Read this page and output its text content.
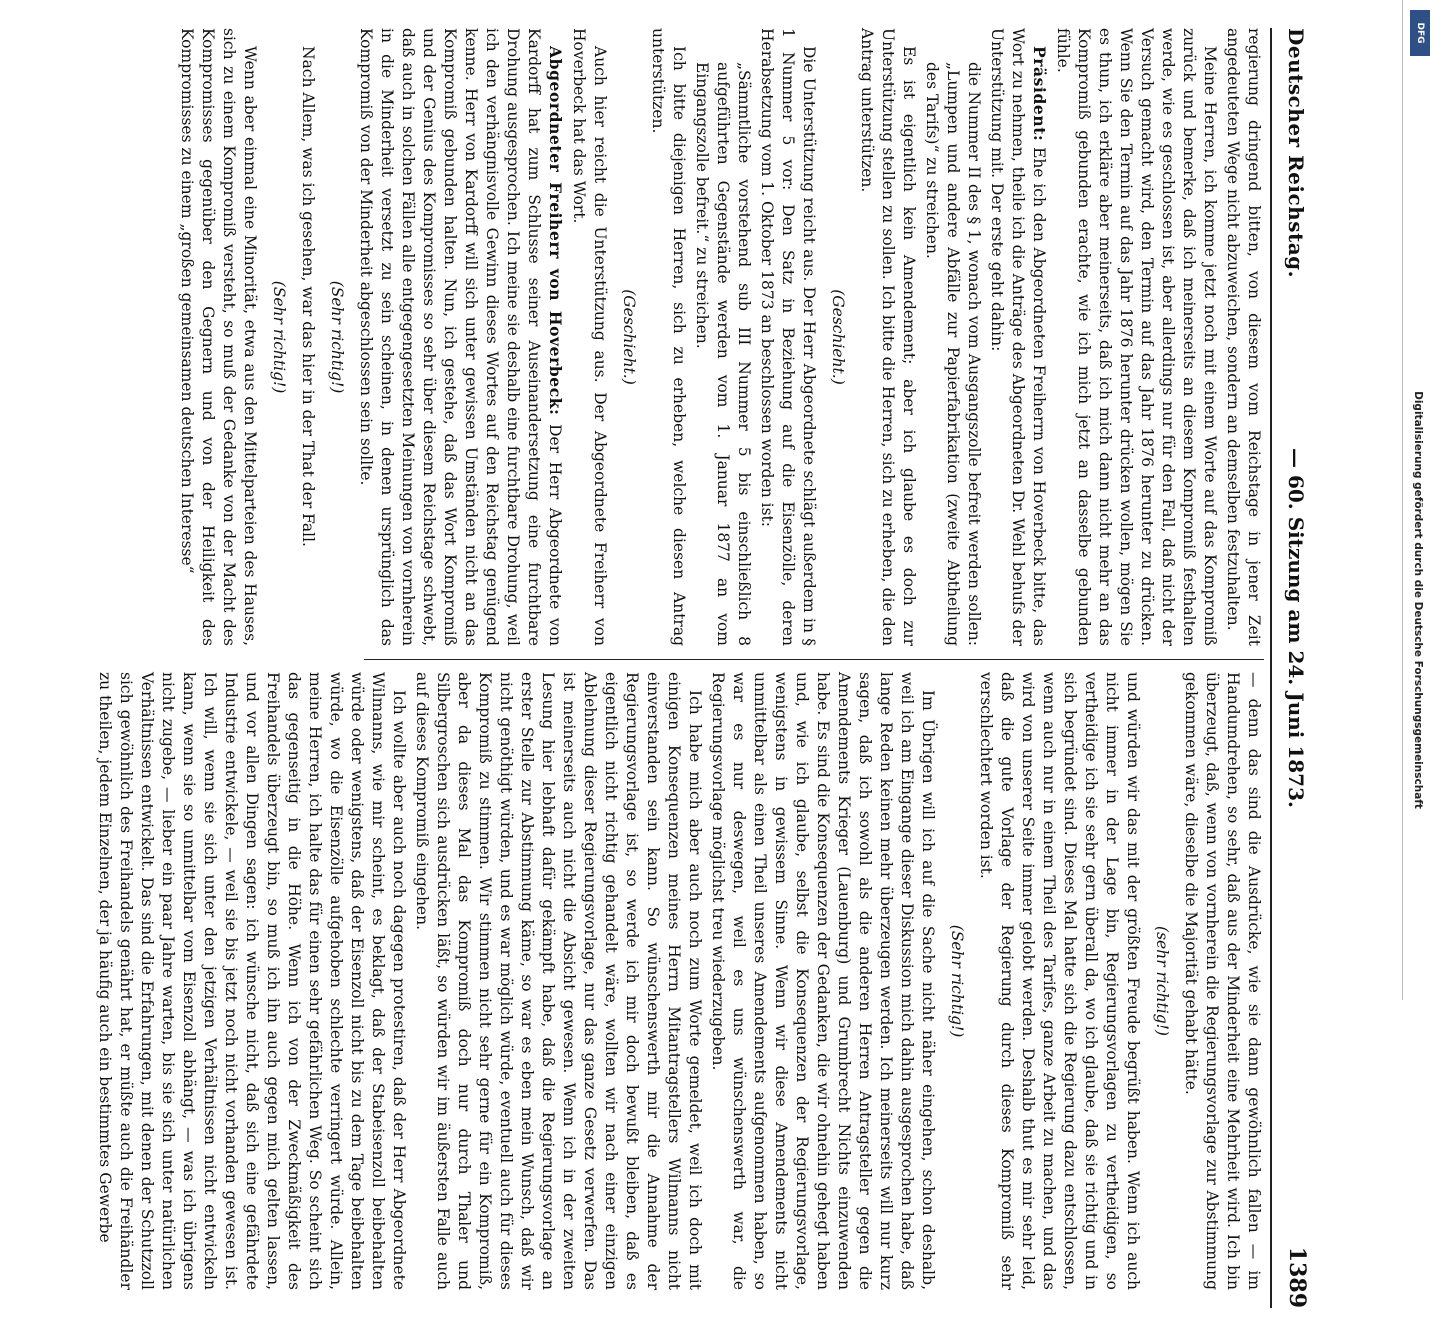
Deutscher Reichstag.
— 60. Sitzung am 24. Juni 1873.
1389

regierung dringend bitten, von diesem vom Reichstage in jener Zeit angedeuteten Wege nicht abzuweichen, sondern an demselben festzuhalten.

Meine Herren, ich komme jetzt noch mit einem Worte auf das Kompromiß zurück und bemerke, daß ich meinerseits an diesem Kompromiß festhalten werde, wie es geschlossen ist, aber allerdings nur für den Fall, daß nicht der Versuch gemacht wird, den Termin auf das Jahr 1876 herunter zu drücken. Wenn Sie den Termin auf das Jahr 1876 herunter drücken wollen, mögen Sie es thun, ich erkläre aber meinerseits, daß ich mich dann nicht mehr an das Kompromiß gebunden erachte, wie ich mich jetzt an dasselbe gebunden fühle.

Präsident: Ehe ich den Abgeordneten Freiherrn von Hoverbeck bitte, das Wort zu nehmen, theile ich die Anträge des Abgeordneten Dr. Wehl behufs der Unterstützung mit. Der erste geht dahin:

die Nummer II des § 1, wonach vom Ausgangszolle befreit werden sollen: „Lumpen und andere Abfälle zur Papierfabrikation (zweite Abtheilung des Tarifs)“ zu streichen.

Es ist eigentlich kein Amendement; aber ich glaube es doch zur Unterstützung stellen zu sollen. Ich bitte die Herren, sich zu erheben, die den Antrag unterstützen.

(Geschieht.)

Die Unterstützung reicht aus. Der Herr Abgeordnete schlägt außerdem in § 1 Nummer 5 vor: Den Satz in Beziehung auf die Eisenzölle, deren Herabsetzung vom 1. Oktober 1873 an beschlossen worden ist:

„Sämmtliche vorstehend sub III Nummer 5 bis einschließlich 8 aufgeführten Gegenstände werden vom 1. Januar 1877 an vom Eingangszolle befreit.“ zu streichen.

Ich bitte diejenigen Herren, sich zu erheben, welche diesen Antrag unterstützen.

(Geschieht.)

Auch hier reicht die Unterstützung aus. Der Abgeordnete Freiherr von Hoverbeck hat das Wort.

Abgeordneter Freiherr von Hoverbeck: Der Herr Abgeordnete von Kardorff hat zum Schlusse seiner Auseinandersetzung eine furchtbare Drohung ausgesprochen. Ich meine sie deshalb eine furchtbare Drohung, weil ich den verhängnisvolle Gewinn dieses Wortes auf den Reichstag genügend kenne. Herr von Kardorff will sich unter gewissen Umständen nicht an das Kompromiß gebunden halten. Nun, ich gestehe, daß das Wort Kompromiß und der Genius des Kompromisses so sehr über diesem Reichstage schwebt, daß auch in solchen Fällen alle entgegengesetzten Meinungen von vornherein in die Minderheit versetzt zu sein scheinen, in denen ursprünglich das Kompromiß von der Minderheit abgeschlossen sein sollte.

(Sehr richtig!)

Nach Allem, was ich gesehen, war das hier in der That der Fall.

(Sehr richtig!)

Wenn aber einmal eine Minorität, etwa aus den Mittelparteien des Hauses, sich zu einem Kompromiß versteht, so muß der Gedanke von der Macht des Kompromisses gegenüber den Gegnern und von der Heiligkeit des Kompromisses zu einem „großen gemeinsamen deutschen Interesse“

— denn das sind die Ausdrücke, wie sie dann gewöhnlich fallen — im Handumdrehen, so sehr, daß aus der Minderheit eine Mehrheit wird. Ich bin überzeugt, daß, wenn von vornherein die Regierungsvorlage zur Abstimmung gekommen wäre, dieselbe die Majorität gehabt hätte.

(sehr richtig!)

und würden wir das mit der größten Freude begrüßt haben. Wenn ich auch nicht immer in der Lage bin, Regierungsvorlagen zu vertheidigen, so vertheidige ich sie sehr gern überall da, wo ich glaube, daß sie richtig und in sich begründet sind. Dieses Mal hatte sich die Regierung dazu entschlossen, wenn auch nur in einem Theil des Tarifes, ganze Arbeit zu machen, und das wird von unserer Seite immer gelobt werden. Deshalb thut es mir sehr leid, daß die gute Vorlage der Regierung durch dieses Kompromiß sehr verschlechtert worden ist.

(Sehr richtig!)

Im Übrigen will ich auf die Sache nicht näher eingehen, schon deshalb, weil ich am Eingange dieser Diskussion mich dahin ausgesprochen habe, daß lange Reden keinen mehr überzeugen werden. Ich meinerseits will nur kurz sagen, daß ich sowohl als die anderen Herren Antragsteller gegen die Amendements Krieger (Lauenburg) und Grumbrecht Nichts einzuwenden habe. Es sind die Konsequenzen der Gedanken, die wir ohnehin gehegt haben und, wie ich glaube, selbst die Konsequenzen der Regierungsvorlage, wenigstens in gewissem Sinne. Wenn wir diese Amendements nicht unmittelbar als einen Theil unseres Amendements aufgenommen haben, so war es nur deswegen, weil es uns wünschenswerth war, die Regierungsvorlage möglichst treu wiederzugeben.

Ich habe mich aber auch noch zum Worte gemeldet, weil ich doch mit einigen Konsequenzen meines Herrn Mitantragstellers Wilmanns nicht einverstanden sein kann. So wünschenswerth mir die Annahme der Regierungsvorlage ist, so werde ich mir doch bewußt bleiben, daß es eigentlich nicht richtig gehandelt wäre, wollten wir nach einer einzigen Ablehnung dieser Regierungsvorlage, nur das ganze Gesetz verwerfen. Das ist meinerseits auch nicht die Absicht gewesen. Wenn ich in der zweiten Lesung hier lebhaft dafür gekämpft habe, daß die Regierungsvorlage an erster Stelle zur Abstimmung käme, so war es eben mein Wunsch, daß wir nicht genöthigt würden, und es war möglich würde, eventuell auch für dieses Kompromiß zu stimmen. Wir stimmen nicht sehr gerne für ein Kompromiß, aber da dieses Mal das Kompromiß doch nur durch Thaler und Silbergroschen sich ausdrücken läßt, so würden wir im äußersten Falle auch auf dieses Kompromiß eingehen.

Ich wollte aber auch noch dagegen protestiren, daß der Herr Abgeordnete Wilmanns, wie mir scheint, es beklagt, daß der Stabeisenzoll beibehalten würde oder wenigstens, daß der Eisenzoll nicht bis zu dem Tage beibehalten würde, wo die Eisenzölle aufgehoben schlechte verringert würde. Allein, meine Herren, ich halte das für einen sehr gefährlichen Weg. So scheint sich das gegenseitig in die Höhe. Wenn ich von der Zweckmäßigkeit des Freihandels überzeugt bin, so muß ich ihn auch gegen mich gelten lassen, und vor allen Dingen sagen: ich wünsche nicht, daß sich eine gefährdete Industrie entwickele, — weil sie bis jetzt noch nicht vorhanden gewesen ist. Ich will, wenn sie sich unter den jetzigen Verhältnissen nicht entwickeln kann, wenn sie so unmittelbar vom Eisenzoll abhängt, — was ich übrigens nicht zugebe, — lieber ein paar Jahre warten, bis sie sich unter natürlichen Verhältnissen entwickelt. Das sind die Erfahrungen, mit denen der Schutzzoll sich gewöhnlich des Freihandels genährt hat, er müßte auch die Freihändler zu theilen, jedem Einzelnen, der ja häufig auch ein bestimmtes Gewerbe

DFG
Digitalisierung gefördert durch die Deutsche Forschungsgemeinschaft
